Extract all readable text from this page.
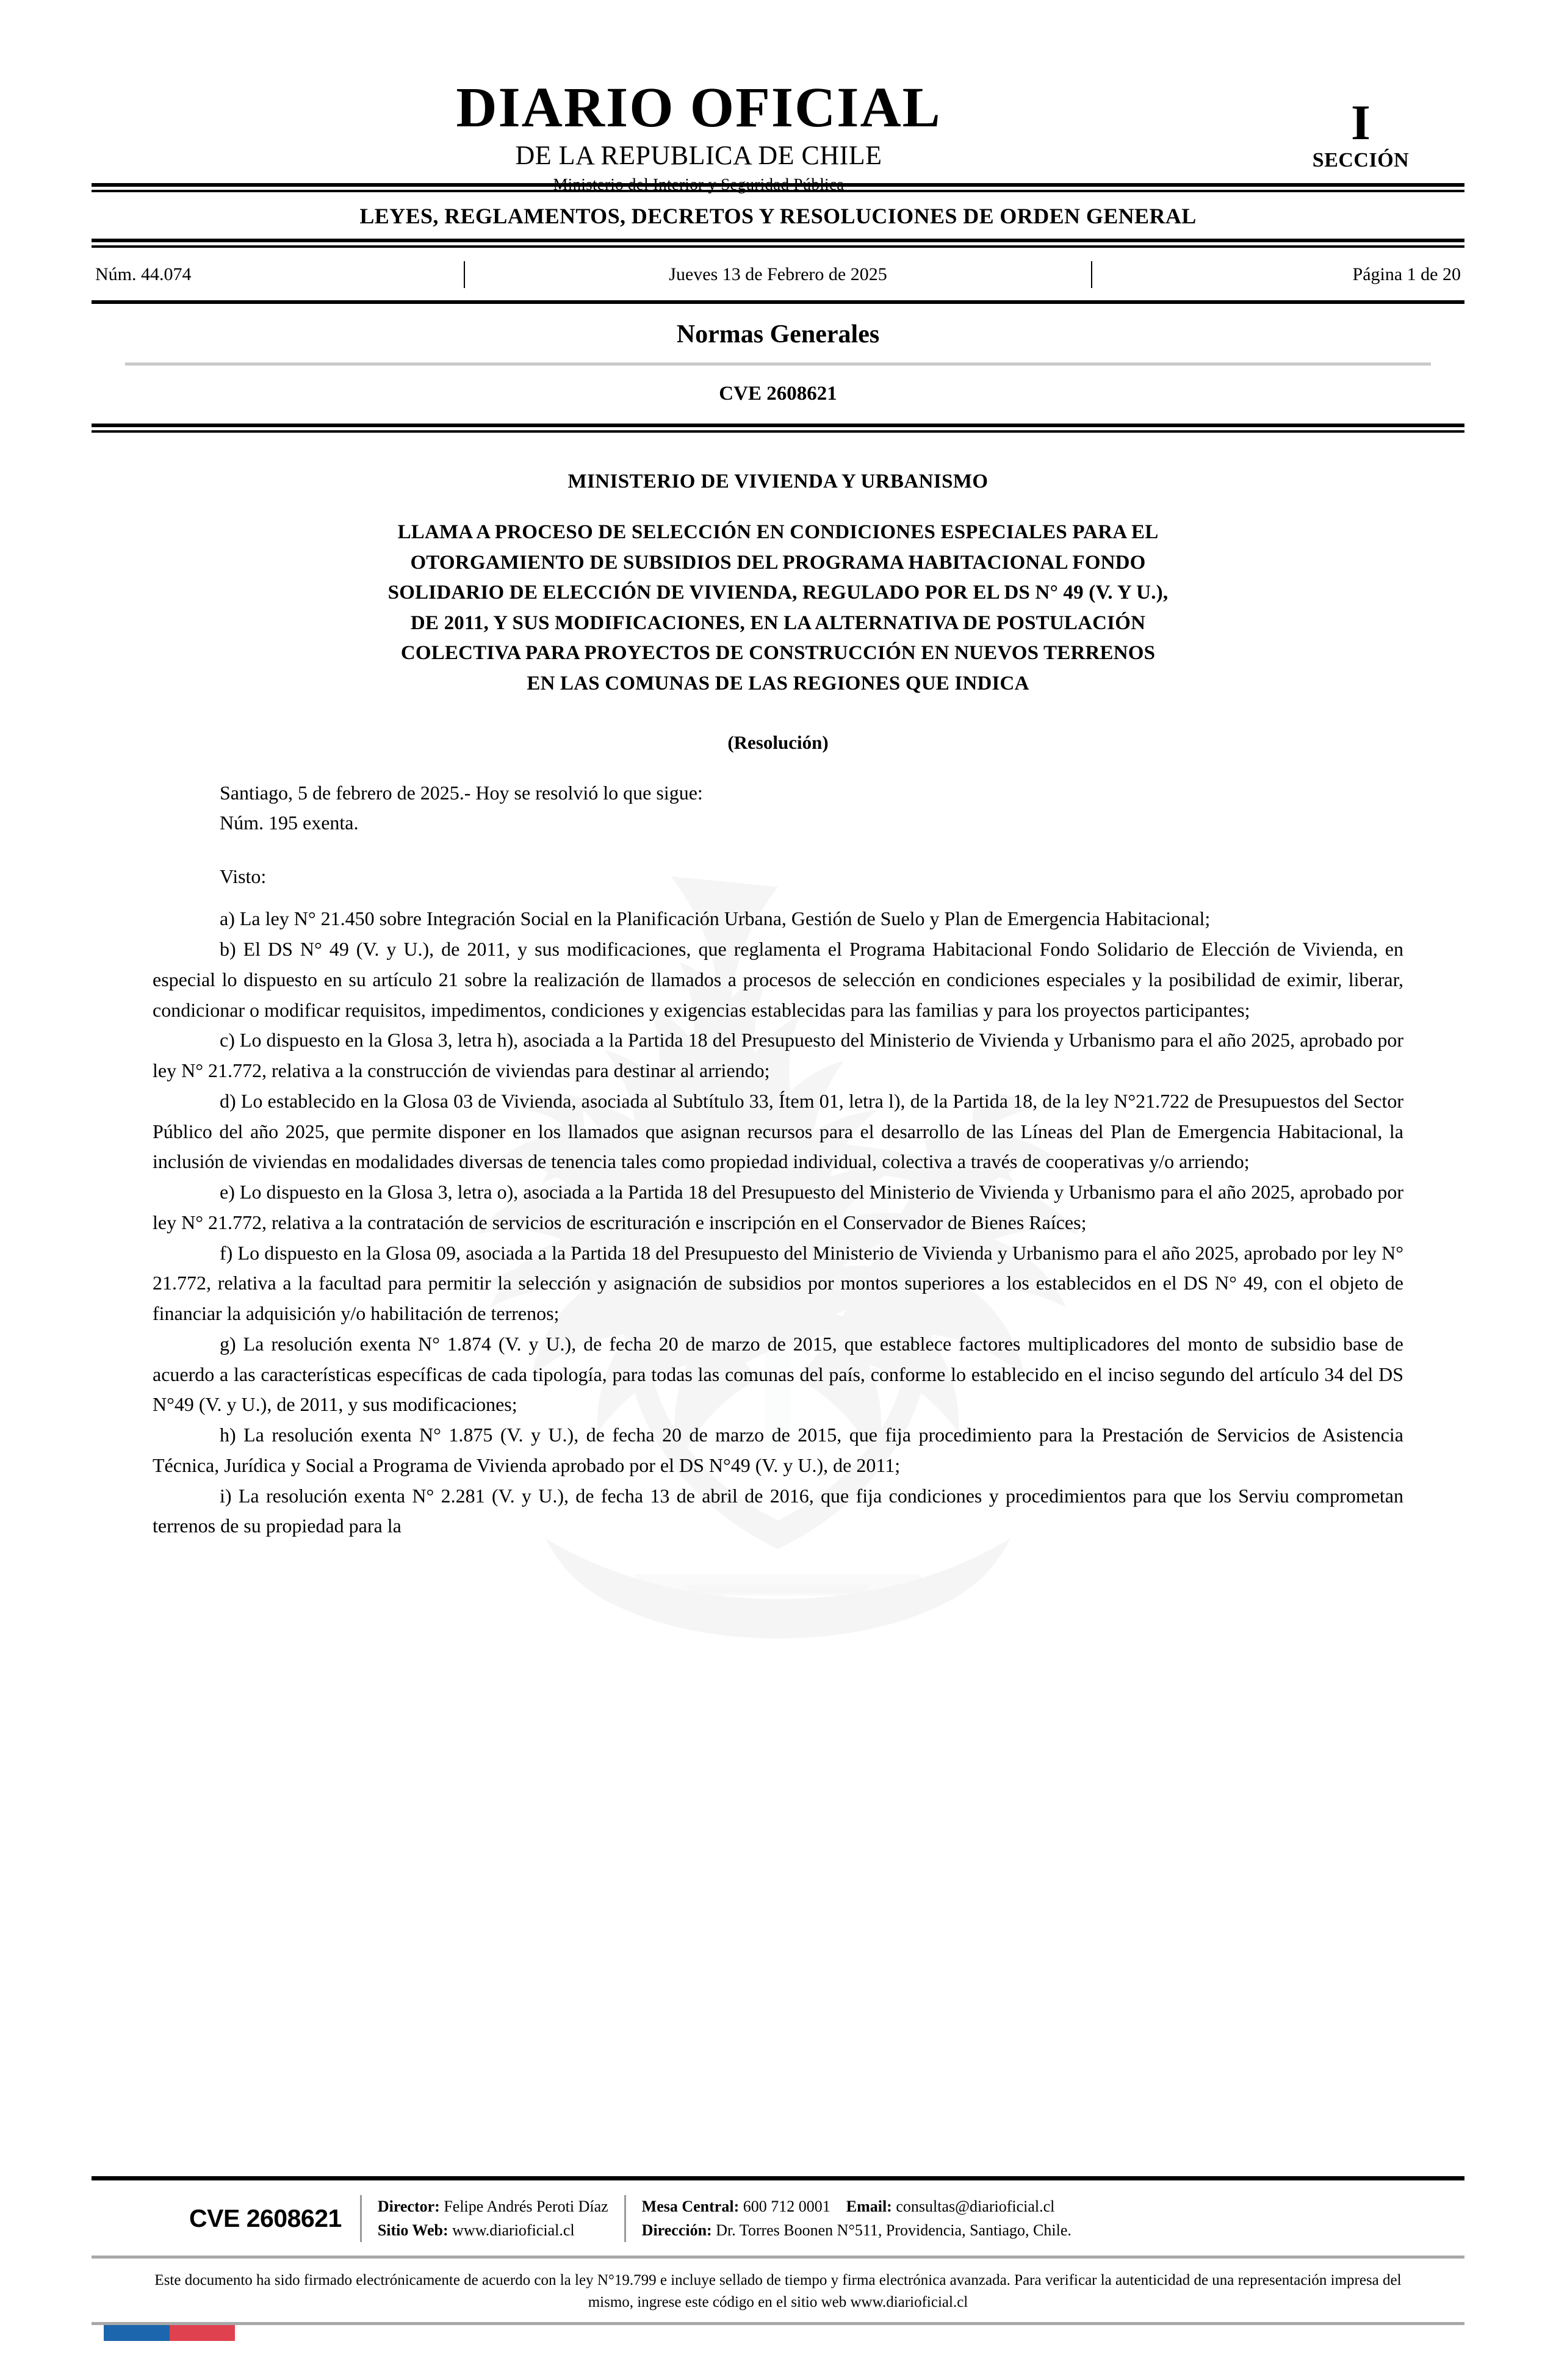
DIARIO OFICIAL
DE LA REPUBLICA DE CHILE
Ministerio del Interior y Seguridad Pública
I
SECCIÓN
LEYES, REGLAMENTOS, DECRETOS Y RESOLUCIONES DE ORDEN GENERAL
Núm. 44.074	Jueves 13 de Febrero de 2025	Página 1 de 20
Normas Generales
CVE 2608621
MINISTERIO DE VIVIENDA Y URBANISMO
LLAMA A PROCESO DE SELECCIÓN EN CONDICIONES ESPECIALES PARA EL
OTORGAMIENTO DE SUBSIDIOS DEL PROGRAMA HABITACIONAL FONDO
SOLIDARIO DE ELECCIÓN DE VIVIENDA, REGULADO POR EL DS N° 49 (V. Y U.),
DE 2011, Y SUS MODIFICACIONES, EN LA ALTERNATIVA DE POSTULACIÓN
COLECTIVA PARA PROYECTOS DE CONSTRUCCIÓN EN NUEVOS TERRENOS
EN LAS COMUNAS DE LAS REGIONES QUE INDICA
(Resolución)
Santiago, 5 de febrero de 2025.- Hoy se resolvió lo que sigue:
Núm. 195 exenta.
Visto:

a) La ley N° 21.450 sobre Integración Social en la Planificación Urbana, Gestión de Suelo y Plan de Emergencia Habitacional;

b) El DS N° 49 (V. y U.), de 2011, y sus modificaciones, que reglamenta el Programa Habitacional Fondo Solidario de Elección de Vivienda, en especial lo dispuesto en su artículo 21 sobre la realización de llamados a procesos de selección en condiciones especiales y la posibilidad de eximir, liberar, condicionar o modificar requisitos, impedimentos, condiciones y exigencias establecidas para las familias y para los proyectos participantes;

c) Lo dispuesto en la Glosa 3, letra h), asociada a la Partida 18 del Presupuesto del Ministerio de Vivienda y Urbanismo para el año 2025, aprobado por ley N° 21.772, relativa a la construcción de viviendas para destinar al arriendo;

d) Lo establecido en la Glosa 03 de Vivienda, asociada al Subtítulo 33, Ítem 01, letra l), de la Partida 18, de la ley N°21.722 de Presupuestos del Sector Público del año 2025, que permite disponer en los llamados que asignan recursos para el desarrollo de las Líneas del Plan de Emergencia Habitacional, la inclusión de viviendas en modalidades diversas de tenencia tales como propiedad individual, colectiva a través de cooperativas y/o arriendo;

e) Lo dispuesto en la Glosa 3, letra o), asociada a la Partida 18 del Presupuesto del Ministerio de Vivienda y Urbanismo para el año 2025, aprobado por ley N° 21.772, relativa a la contratación de servicios de escrituración e inscripción en el Conservador de Bienes Raíces;

f) Lo dispuesto en la Glosa 09, asociada a la Partida 18 del Presupuesto del Ministerio de Vivienda y Urbanismo para el año 2025, aprobado por ley N° 21.772, relativa a la facultad para permitir la selección y asignación de subsidios por montos superiores a los establecidos en el DS N° 49, con el objeto de financiar la adquisición y/o habilitación de terrenos;

g) La resolución exenta N° 1.874 (V. y U.), de fecha 20 de marzo de 2015, que establece factores multiplicadores del monto de subsidio base de acuerdo a las características específicas de cada tipología, para todas las comunas del país, conforme lo establecido en el inciso segundo del artículo 34 del DS N°49 (V. y U.), de 2011, y sus modificaciones;

h) La resolución exenta N° 1.875 (V. y U.), de fecha 20 de marzo de 2015, que fija procedimiento para la Prestación de Servicios de Asistencia Técnica, Jurídica y Social a Programa de Vivienda aprobado por el DS N°49 (V. y U.), de 2011;

i) La resolución exenta N° 2.281 (V. y U.), de fecha 13 de abril de 2016, que fija condiciones y procedimientos para que los Serviu comprometan terrenos de su propiedad para la

CVE 2608621	Director: Felipe Andrés Peroti Díaz
Sitio Web: www.diarioficial.cl
Mesa Central: 600 712 0001 Email: consultas@diarioficial.cl
Dirección: Dr. Torres Boonen N°511, Providencia, Santiago, Chile.
Este documento ha sido firmado electrónicamente de acuerdo con la ley N°19.799 e incluye sellado de tiempo y firma electrónica avanzada. Para verificar la autenticidad de una representación impresa del mismo, ingrese este código en el sitio web www.diarioficial.cl
